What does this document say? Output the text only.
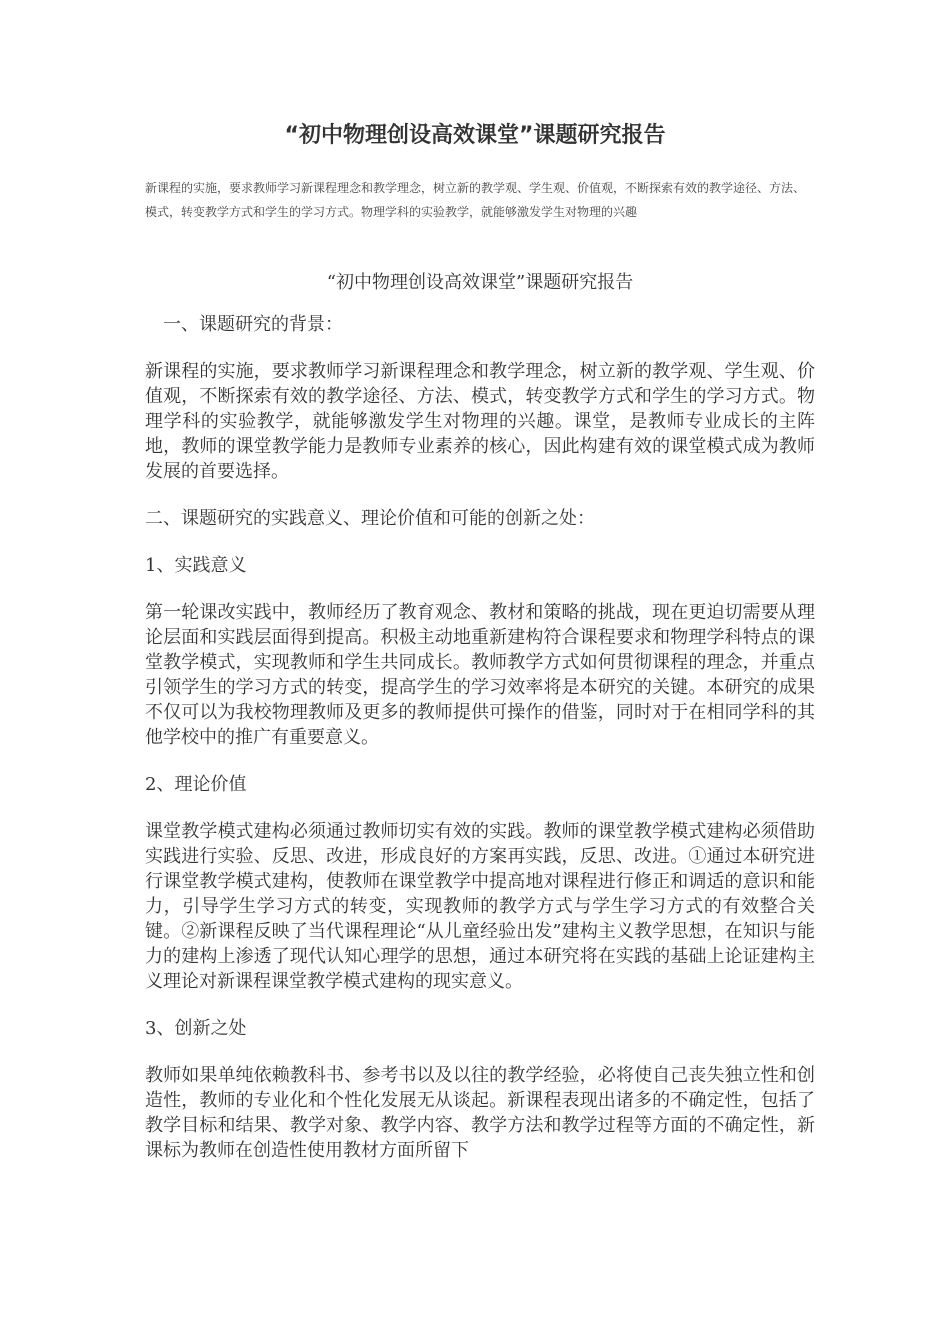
“初中物理创设高效课堂”课题研究报告

新课程的实施，要求教师学习新课程理念和教学理念，树立新的教学观、学生观、价值观，不断探索有效的教学途径、方法、模式，转变教学方式和学生的学习方式。物理学科的实验教学，就能够激发学生对物理的兴趣

“初中物理创设高效课堂”课题研究报告

一、课题研究的背景：

新课程的实施，要求教师学习新课程理念和教学理念，树立新的教学观、学生观、价值观，不断探索有效的教学途径、方法、模式，转变教学方式和学生的学习方式。物理学科的实验教学，就能够激发学生对物理的兴趣。课堂，是教师专业成长的主阵地，教师的课堂教学能力是教师专业素养的核心，因此构建有效的课堂模式成为教师发展的首要选择。

二、课题研究的实践意义、理论价值和可能的创新之处：

1、实践意义

第一轮课改实践中，教师经历了教育观念、教材和策略的挑战，现在更迫切需要从理论层面和实践层面得到提高。积极主动地重新建构符合课程要求和物理学科特点的课堂教学模式，实现教师和学生共同成长。教师教学方式如何贯彻课程的理念，并重点引领学生的学习方式的转变，提高学生的学习效率将是本研究的关键。本研究的成果不仅可以为我校物理教师及更多的教师提供可操作的借鉴，同时对于在相同学科的其他学校中的推广有重要意义。

2、理论价值

课堂教学模式建构必须通过教师切实有效的实践。教师的课堂教学模式建构必须借助实践进行实验、反思、改进，形成良好的方案再实践，反思、改进。①通过本研究进行课堂教学模式建构，使教师在课堂教学中提高地对课程进行修正和调适的意识和能力，引导学生学习方式的转变，实现教师的教学方式与学生学习方式的有效整合关键。②新课程反映了当代课程理论“从儿童经验出发”建构主义教学思想，在知识与能力的建构上渗透了现代认知心理学的思想，通过本研究将在实践的基础上论证建构主义理论对新课程课堂教学模式建构的现实意义。

3、创新之处

教师如果单纯依赖教科书、参考书以及以往的教学经验，必将使自己丧失独立性和创造性，教师的专业化和个性化发展无从谈起。新课程表现出诸多的不确定性，包括了教学目标和结果、教学对象、教学内容、教学方法和教学过程等方面的不确定性，新课标为教师在创造性使用教材方面所留下
